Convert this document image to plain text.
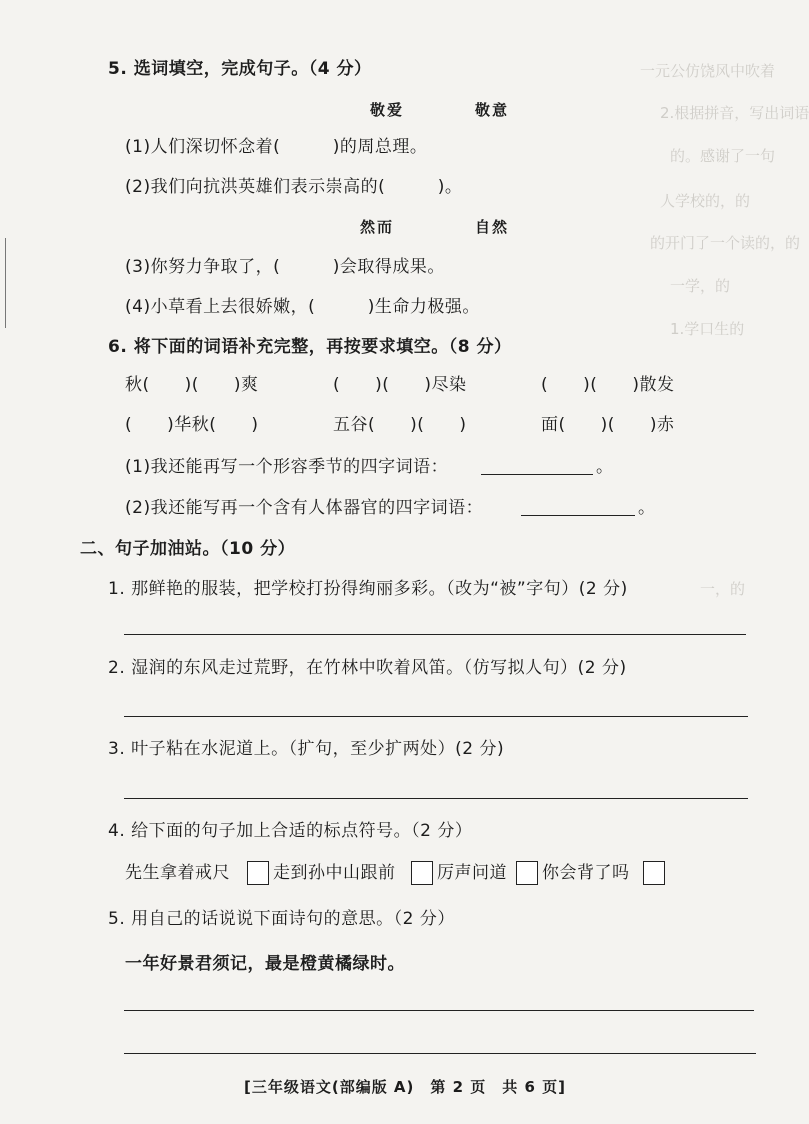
一元公仿饶风中吹着
2.根据拼音，写出词语
的。感谢了一句
人学校的，的
的开门了一个读的，的
一学，的
1.学口生的
一，的
5. 选词填空，完成句子。（4 分）
敬爱	敬意
(1)人们深切怀念着(　　　)的周总理。
(2)我们向抗洪英雄们表示崇高的(　　　)。
然而	自然
(3)你努力争取了，(　　　)会取得成果。
(4)小草看上去很娇嫩，(　　　)生命力极强。
6. 将下面的词语补充完整，再按要求填空。（8 分）
秋(　　)(　　)爽	(　　)(　　)尽染	(　　)(　　)散发
(　　)华秋(　　)	五谷(　　)(　　)	面(　　)(　　)赤
(1)我还能再写一个形容季节的四字词语：	。
(2)我还能写再一个含有人体器官的四字词语：	。
二、句子加油站。（10 分）
1. 那鲜艳的服装，把学校打扮得绚丽多彩。（改为“被”字句）(2 分)
2. 湿润的东风走过荒野，在竹林中吹着风笛。（仿写拟人句）(2 分)
3. 叶子粘在水泥道上。（扩句，至少扩两处）(2 分)
4. 给下面的句子加上合适的标点符号。（2 分）
先生拿着戒尺	走到孙中山跟前 厉声问道 你会背了吗
5. 用自己的话说说下面诗句的意思。（2 分）
一年好景君须记，最是橙黄橘绿时。
[三年级语文(部编版 A)　第 2 页　共 6 页]
